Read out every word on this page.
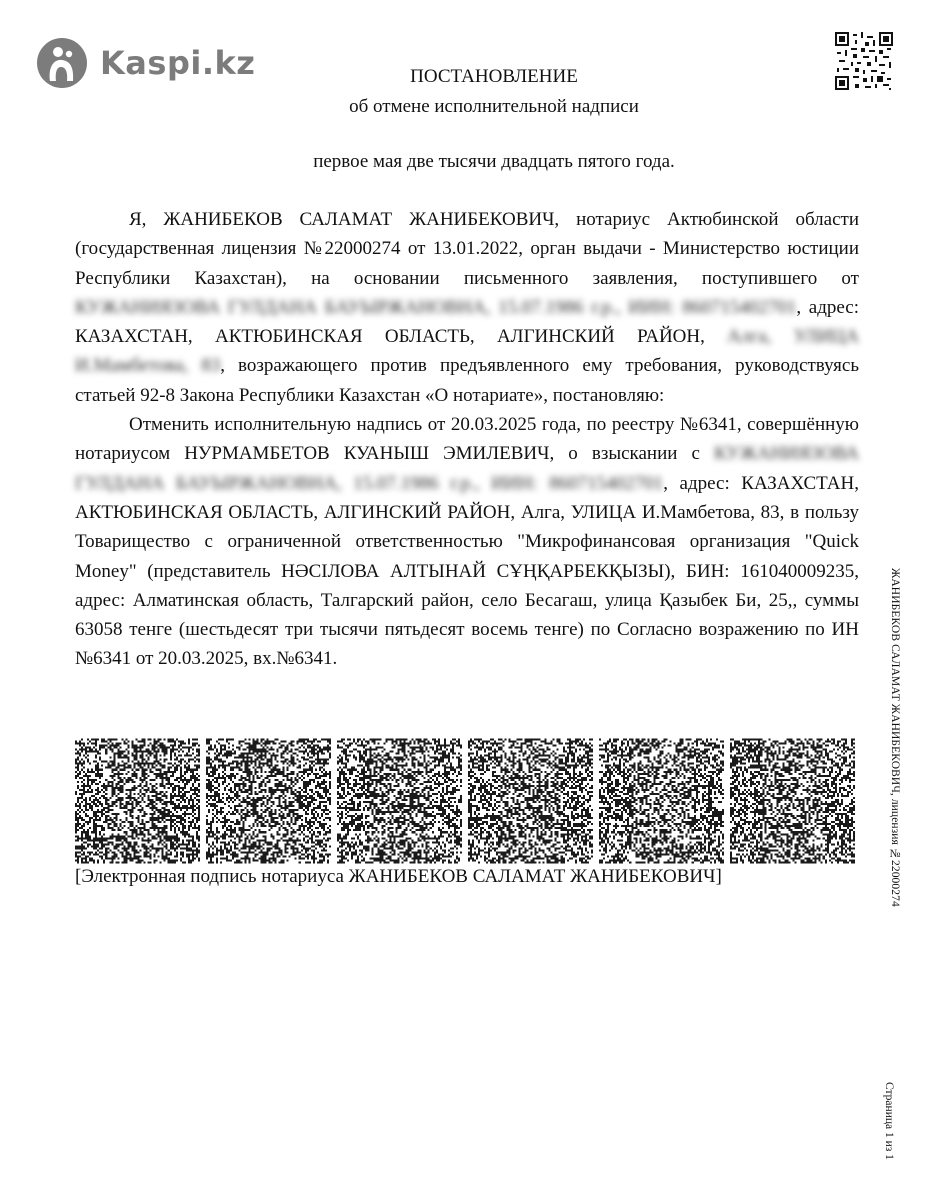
Kaspi.kz	ПОСТАНОВЛЕНИЕ
об отмене исполнительной надписи
первое мая две тысячи двадцать пятого года.

Я, ЖАНИБЕКОВ САЛАМАТ ЖАНИБЕКОВИЧ, нотариус Актюбинской области (государственная лицензия №22000274 от 13.01.2022, орган выдачи - Министерство юстиции Республики Казахстан), на основании письменного заявления, поступившего от КУЖАНИЯЗОВА ГУЛДАНА БАУЫРЖАНОВНА, 15.07.1986 г.р., ИИН: 860715402701, адрес: КАЗАХСТАН, АКТЮБИНСКАЯ ОБЛАСТЬ, АЛГИНСКИЙ РАЙОН, Алга, УЛИЦА И.Мамбетова, 83, возражающего против предъявленного ему требования, руководствуясь статьей 92-8 Закона Республики Казахстан «О нотариате», постановляю:

Отменить исполнительную надпись от 20.03.2025 года, по реестру №6341, совершённую нотариусом НУРМАМБЕТОВ КУАНЫШ ЭМИЛЕВИЧ, о взыскании с КУЖАНИЯЗОВА ГУЛДАНА БАУЫРЖАНОВНА, 15.07.1986 г.р., ИИН: 860715402701, адрес: КАЗАХСТАН, АКТЮБИНСКАЯ ОБЛАСТЬ, АЛГИНСКИЙ РАЙОН, Алга, УЛИЦА И.Мамбетова, 83, в пользу Товарищество с ограниченной ответственностью "Микрофинансовая организация "Quick Money" (представитель НӘСІЛОВА АЛТЫНАЙ СҰҢҚАРБЕКҚЫЗЫ), БИН: 161040009235, адрес: Алматинская область, Талгарский район, село Бесагаш, улица Қазыбек Би, 25,, суммы 63058 тенге (шестьдесят три тысячи пятьдесят восемь тенге) по Согласно возражению по ИН №6341 от 20.03.2025, вх.№6341.

[Электронная подпись нотариуса ЖАНИБЕКОВ САЛАМАТ ЖАНИБЕКОВИЧ]	ЖАНИБЕКОВ САЛАМАТ ЖАНИБЕКОВИЧ, лицензия №22000274
Страница 1 из 1
